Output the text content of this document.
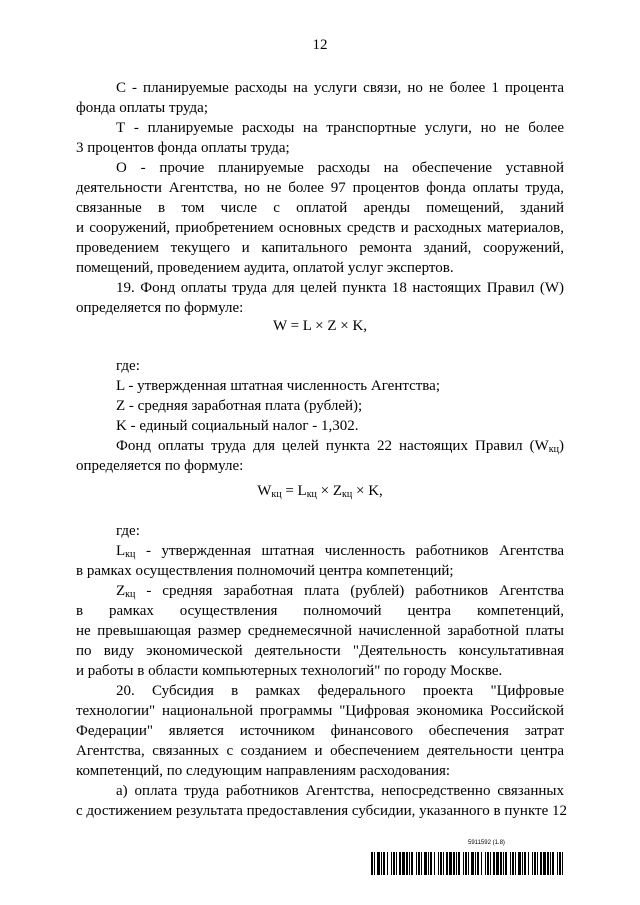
12
С - планируемые расходы на услуги связи, но не более 1 процента
фонда оплаты труда;
Т - планируемые расходы на транспортные услуги, но не более
3 процентов фонда оплаты труда;
О - прочие планируемые расходы на обеспечение уставной
деятельности Агентства, но не более 97 процентов фонда оплаты труда,
связанные в том числе с оплатой аренды помещений, зданий
и сооружений, приобретением основных средств и расходных материалов,
проведением текущего и капитального ремонта зданий, сооружений,
помещений, проведением аудита, оплатой услуг экспертов.
19. Фонд оплаты труда для целей пункта 18 настоящих Правил (W)
определяется по формуле:
W = L × Z × K,
где:
L - утвержденная штатная численность Агентства;
Z - средняя заработная плата (рублей);
K - единый социальный налог - 1,302.
Фонд оплаты труда для целей пункта 22 настоящих Правил $(W_{кц})$
определяется по формуле:
$W_{кц} = L_{кц} \times Z_{кц} \times K$,
где:
$L_{кц}$ - утвержденная штатная численность работников Агентства
в рамках осуществления полномочий центра компетенций;
$Z_{кц}$ - средняя заработная плата (рублей) работников Агентства
в рамках осуществления полномочий центра компетенций,
не превышающая размер среднемесячной начисленной заработной платы
по виду экономической деятельности "Деятельность консультативная
и работы в области компьютерных технологий" по городу Москве.
20. Субсидия в рамках федерального проекта "Цифровые
технологии" национальной программы "Цифровая экономика Российской
Федерации" является источником финансового обеспечения затрат
Агентства, связанных с созданием и обеспечением деятельности центра
компетенций, по следующим направлениям расходования:
а) оплата труда работников Агентства, непосредственно связанных
с достижением результата предоставления субсидии, указанного в пункте 12
5911592 (1.8)
